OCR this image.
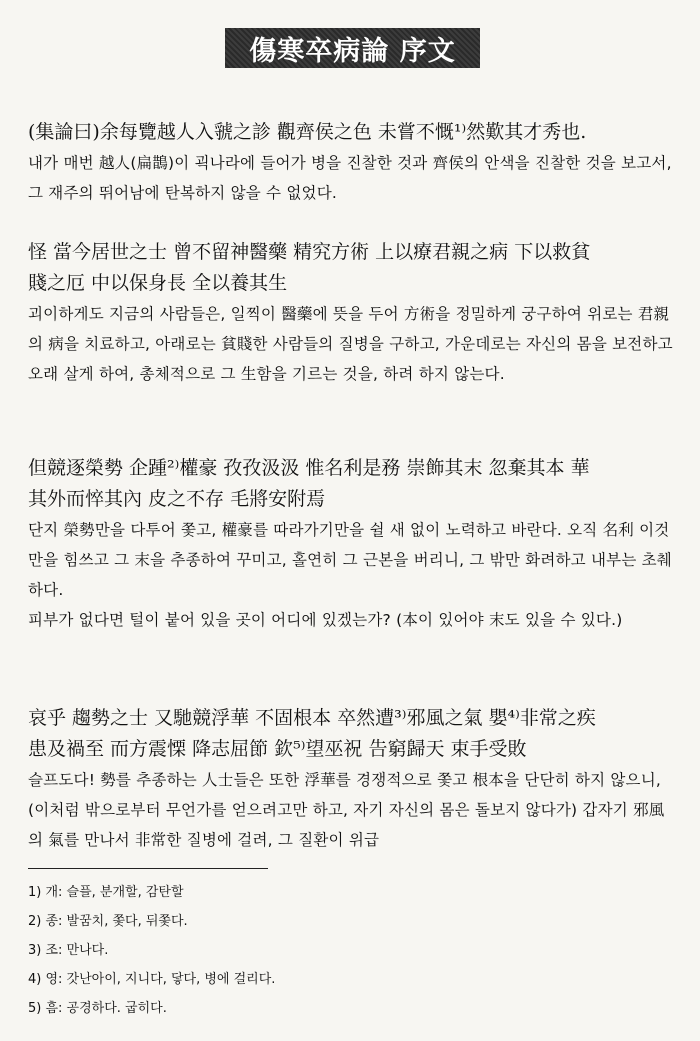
傷寒卒病論 序文
(集論曰)余每覽越人入虢之診 觀齊侯之色 未嘗不慨¹⁾然歎其才秀也.

내가 매번 越人(扁鵲)이 괵나라에 들어가 병을 진찰한 것과 齊侯의 안색을 진찰한 것을 보고서, 그 재주의 뛰어남에 탄복하지 않을 수 없었다.

怪 當今居世之士 曾不留神醫藥 精究方術 上以療君親之病 下以救貧
賤之厄 中以保身長 全以養其生

괴이하게도 지금의 사람들은, 일찍이 醫藥에 뜻을 두어 方術을 정밀하게 궁구하여 위로는 君親의 病을 치료하고, 아래로는 貧賤한 사람들의 질병을 구하고, 가운데로는 자신의 몸을 보전하고 오래 살게 하여, 총체적으로 그 生함을 기르는 것을, 하려 하지 않는다.

但競逐榮勢 企踵²⁾權豪 孜孜汲汲 惟名利是務 崇飾其末 忽棄其本 華
其外而悴其內 皮之不存 毛將安附焉

단지 榮勢만을 다투어 쫓고, 權豪를 따라가기만을 쉴 새 없이 노력하고 바란다. 오직 名利 이것만을 힘쓰고 그 末을 추종하여 꾸미고, 홀연히 그 근본을 버리니, 그 밖만 화려하고 내부는 초췌하다.

피부가 없다면 털이 붙어 있을 곳이 어디에 있겠는가? (本이 있어야 末도 있을 수 있다.)

哀乎 趨勢之士 又馳競浮華 不固根本 卒然遭³⁾邪風之氣 嬰⁴⁾非常之疾
患及禍至 而方震慄 降志屈節 欽⁵⁾望巫祝 告窮歸天 束手受敗

슬프도다! 勢를 추종하는 人士들은 또한 浮華를 경쟁적으로 쫓고 根本을 단단히 하지 않으니, (이처럼 밖으로부터 무언가를 얻으려고만 하고, 자기 자신의 몸은 돌보지 않다가) 갑자기 邪風의 氣를 만나서 非常한 질병에 걸려, 그 질환이 위급

1) 개: 슬플, 분개할, 감탄할
2) 종: 발꿈치, 쫓다, 뒤쫓다.
3) 조: 만나다.
4) 영: 갓난아이, 지니다, 닿다, 병에 걸리다.
5) 흠: 공경하다. 굽히다.
